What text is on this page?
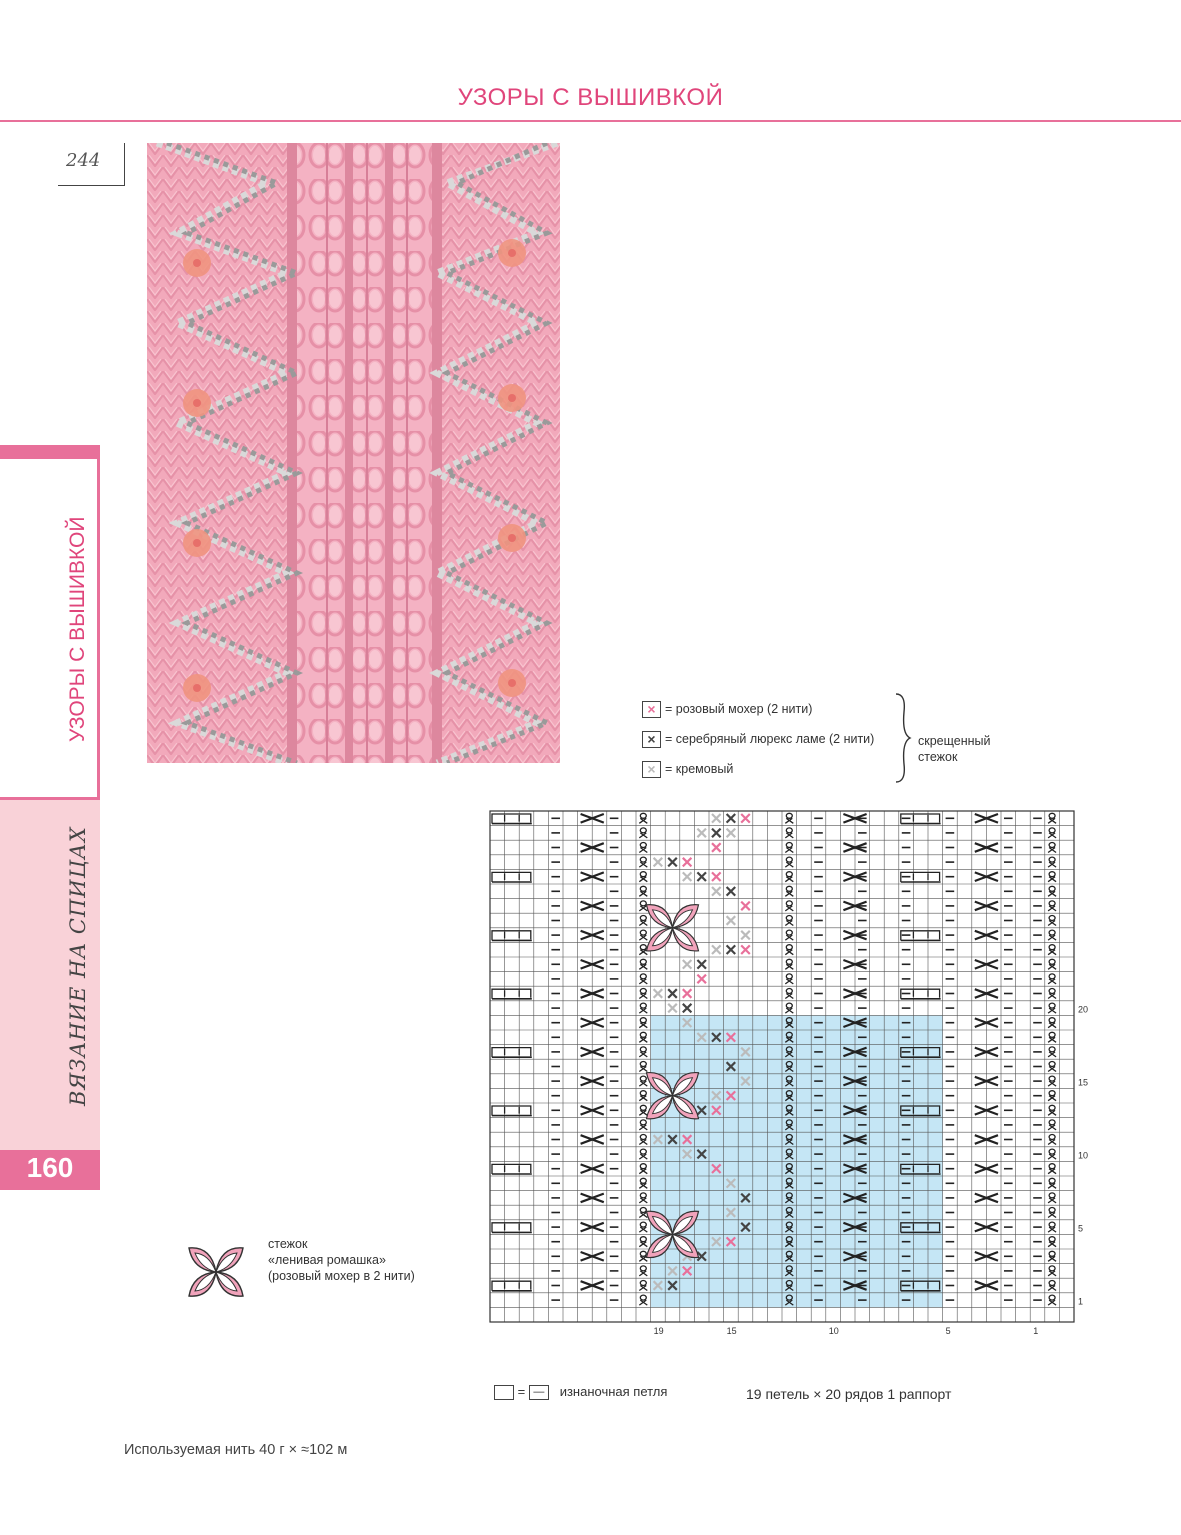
УЗОРЫ С ВЫШИВКОЙ
244
УЗОРЫ С ВЫШИВКОЙ
ВЯЗАНИЕ НА СПИЦАХ
160
× = розовый мохер (2 нити)
× = серебряный люрекс ламе (2 нити)
× = кремовый
скрещенный
стежок
20
15
10
5
1
19	15	10	5	1
стежок
«ленивая ромашка»
(розовый мохер в 2 нити)
= — изнаночная петля	19 петель × 20 рядов 1 раппорт
Используемая нить 40 г × ≈102 м
